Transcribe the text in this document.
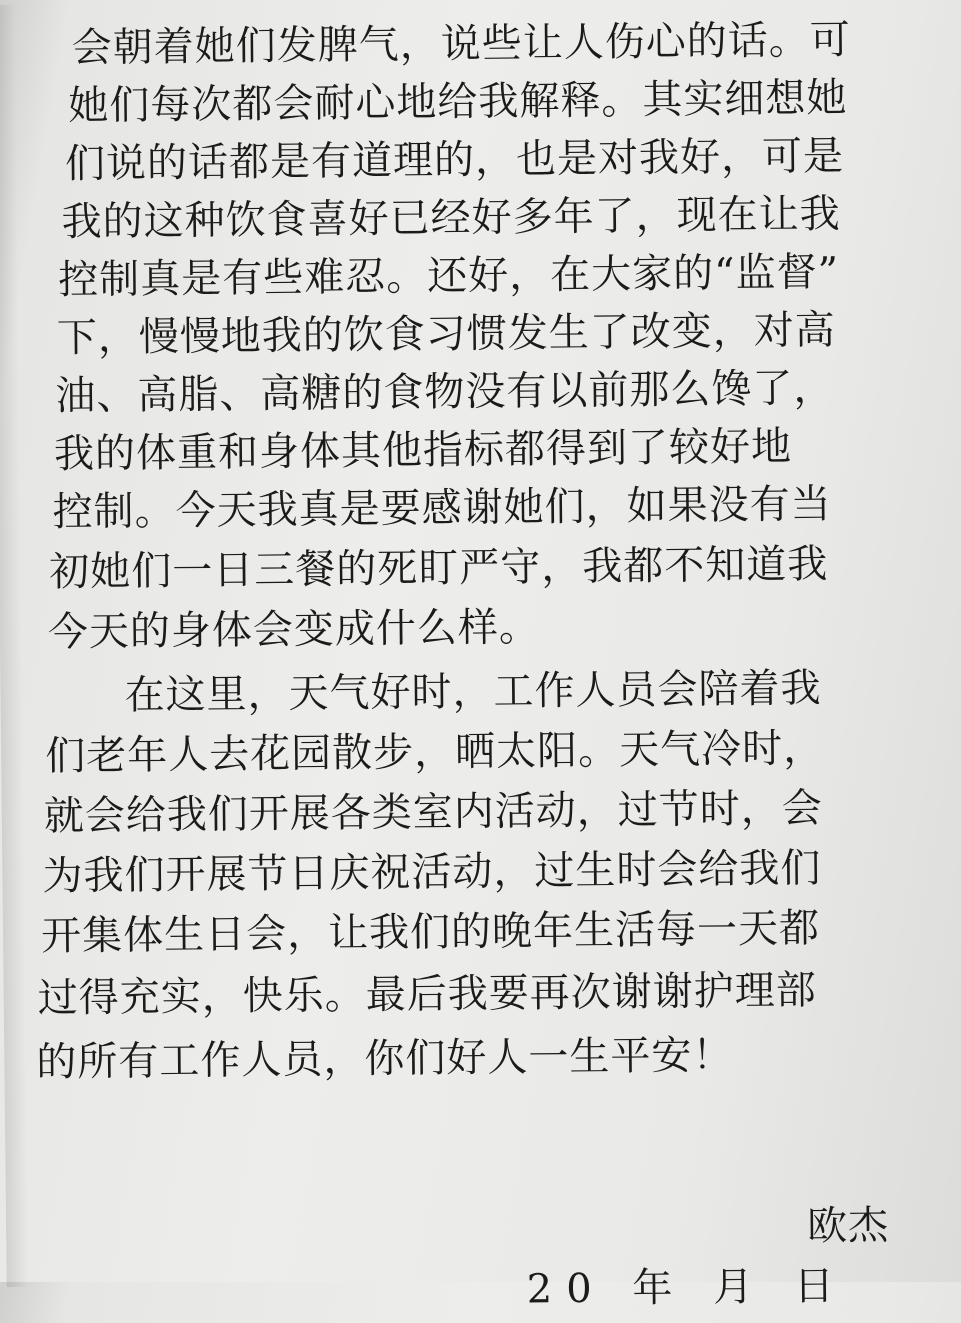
会朝着她们发脾气，说些让人伤心的话。可
她们每次都会耐心地给我解释。其实细想她
们说的话都是有道理的，也是对我好，可是
我的这种饮食喜好已经好多年了，现在让我
控制真是有些难忍。还好，在大家的“监督”
下，慢慢地我的饮食习惯发生了改变，对高
油、高脂、高糖的食物没有以前那么馋了，
我的体重和身体其他指标都得到了较好地
控制。今天我真是要感谢她们，如果没有当
初她们一日三餐的死盯严守，我都不知道我
今天的身体会变成什么样。
在这里，天气好时，工作人员会陪着我
们老年人去花园散步，晒太阳。天气冷时，
就会给我们开展各类室内活动，过节时，会
为我们开展节日庆祝活动，过生时会给我们
开集体生日会，让我们的晚年生活每一天都
过得充实，快乐。最后我要再次谢谢护理部
的所有工作人员，你们好人一生平安！
欧杰
20 年 月 日
